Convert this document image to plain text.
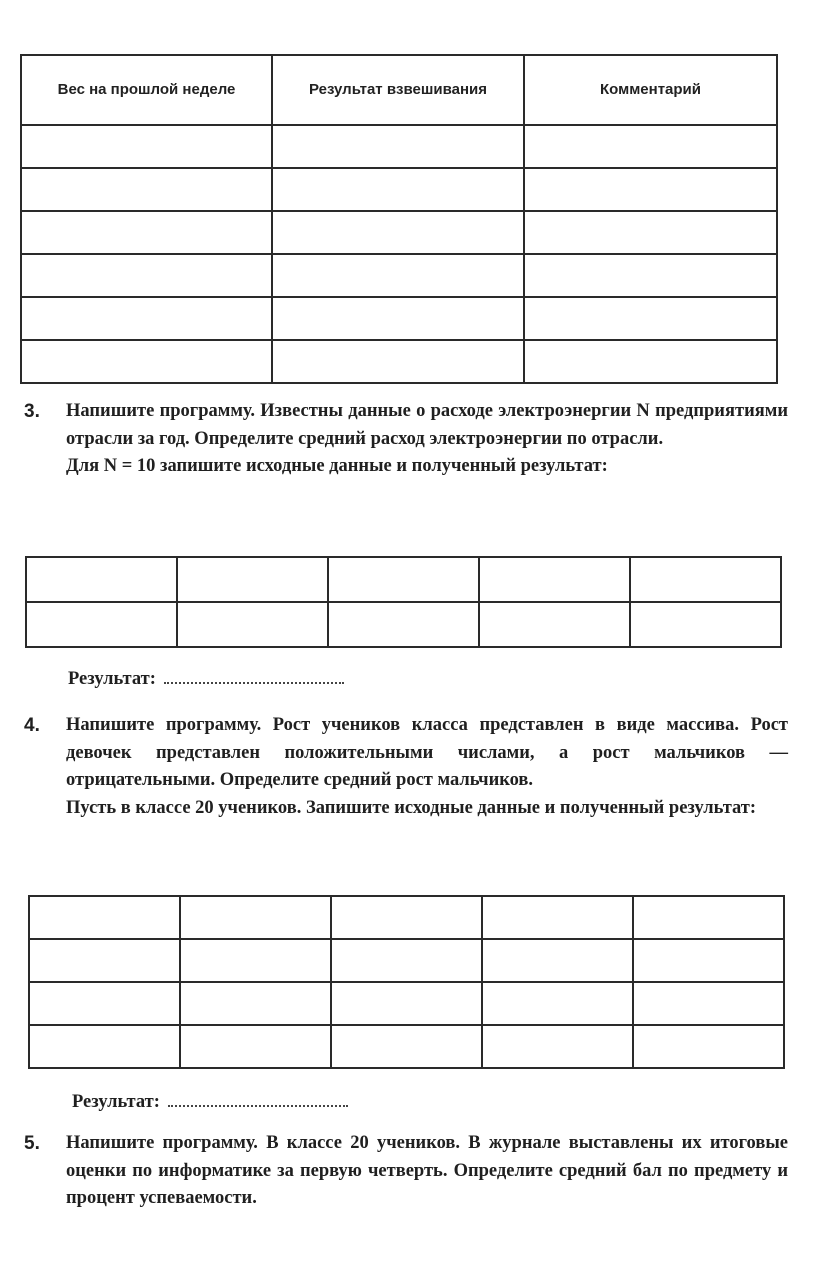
Вес на прошлой неделе	Результат взвешивания	Комментарий

3. Напишите программу. Известны данные о расходе электроэнергии N предприятиями отрасли за год. Определите средний расход электроэнергии по отрасли.

Для N = 10 запишите исходные данные и полученный результат:

Результат:
4. Напишите программу. Рост учеников класса представлен в виде массива. Рост девочек представлен положительными числами, а рост мальчиков — отрицательными. Определите средний рост мальчиков.

Пусть в классе 20 учеников. Запишите исходные данные и полученный результат:

Результат:
5. Напишите программу. В классе 20 учеников. В журнале выставлены их итоговые оценки по информатике за первую четверть. Определите средний бал по предмету и процент успеваемости.
